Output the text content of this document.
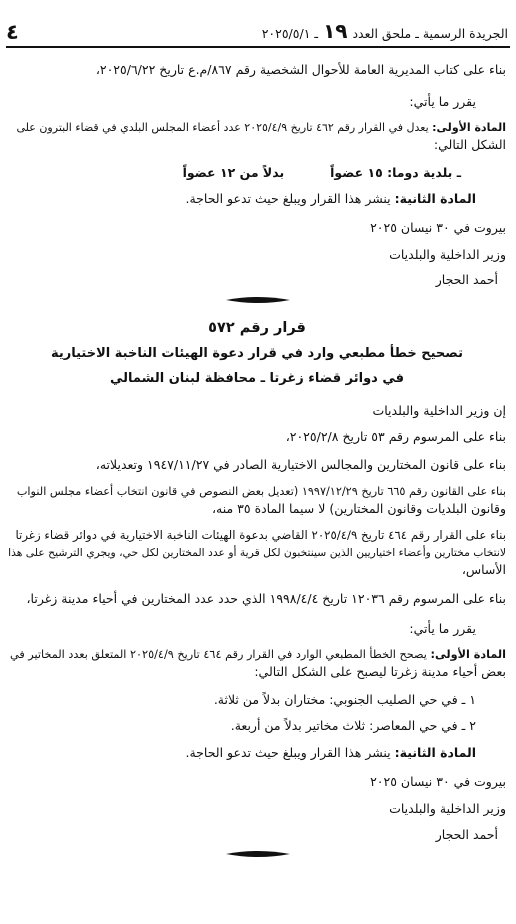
الجريدة الرسمية ـ ملحق العدد١٩ـ ٢٠٢٥/٥/١
٤
بناء على كتاب المديرية العامة للأحوال الشخصية رقم ٨٦٧/م.ع تاريخ ٢٠٢٥/٦/٢٢،
يقرر ما يأتي:
المادة الأولى: يعدل في القرار رقم ٤٦٢ تاريخ ٢٠٢٥/٤/٩ عدد أعضاء المجلس البلدي في قضاء البترون على
الشكل التالي:
ـ بلدية دوما: ١٥ عضواًبدلاً من ١٢ عضواً
المادة الثانية: ينشر هذا القرار ويبلغ حيث تدعو الحاجة.
بيروت في ٣٠ نيسان ٢٠٢٥
وزير الداخلية والبلديات
أحمد الحجار
قرار رقم ٥٧٢
تصحيح خطأ مطبعي وارد في قرار دعوة الهيئات الناخبة الاختيارية
في دوائر قضاء زغرتا ـ محافظة لبنان الشمالي
إن وزير الداخلية والبلديات
بناء على المرسوم رقم ٥٣ تاريخ ٢٠٢٥/٢/٨،
بناء على قانون المختارين والمجالس الاختيارية الصادر في ١٩٤٧/١١/٢٧ وتعديلاته،
بناء على القانون رقم ٦٦٥ تاريخ ١٩٩٧/١٢/٢٩ (تعديل بعض النصوص في قانون انتخاب أعضاء مجلس النواب
وقانون البلديات وقانون المختارين) لا سيما المادة ٣٥ منه،
بناء على القرار رقم ٤٦٤ تاريخ ٢٠٢٥/٤/٩ القاضي بدعوة الهيئات الناخبة الاختيارية في دوائر قضاء زغرتا
لانتخاب مختارين وأعضاء اختياريين الذين سينتخبون لكل قرية أو عدد المختارين لكل حي، ويجري الترشيح على هذا
الأساس،
بناء على المرسوم رقم ١٢٠٣٦ تاريخ ١٩٩٨/٤/٤ الذي حدد عدد المختارين في أحياء مدينة زغرتا،
يقرر ما يأتي:
المادة الأولى: يصحح الخطأ المطبعي الوارد في القرار رقم ٤٦٤ تاريخ ٢٠٢٥/٤/٩ المتعلق بعدد المخاتير في
بعض أحياء مدينة زغرتا ليصبح على الشكل التالي:
١ ـ في حي الصليب الجنوبي: مختاران بدلاً من ثلاثة.
٢ ـ في حي المعاصر: ثلاث مخاتير بدلاً من أربعة.
المادة الثانية: ينشر هذا القرار ويبلغ حيث تدعو الحاجة.
بيروت في ٣٠ نيسان ٢٠٢٥
وزير الداخلية والبلديات
أحمد الحجار
